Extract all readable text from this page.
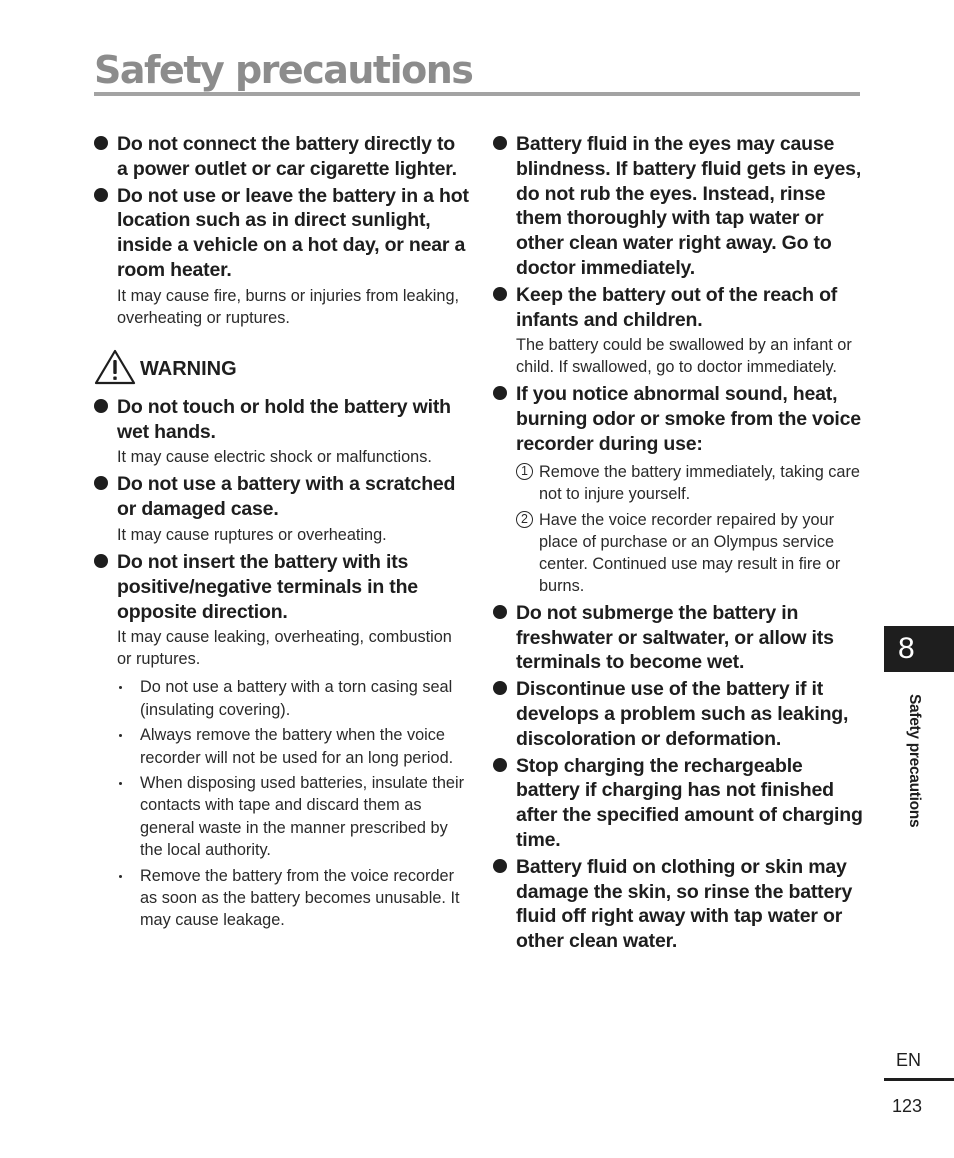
Safety precautions
Do not connect the battery directly to a power outlet or car cigarette lighter.
Do not use or leave the battery in a hot location such as in direct sunlight, inside a vehicle on a hot day, or near a room heater.
It may cause fire, burns or injuries from leaking, overheating or ruptures.
WARNING
Do not touch or hold the battery with wet hands.
It may cause electric shock or malfunctions.
Do not use a battery with a scratched or damaged case.
It may cause ruptures or overheating.
Do not insert the battery with its positive/negative terminals in the opposite direction.
It may cause leaking, overheating, combustion or ruptures.
Do not use a battery with a torn casing seal (insulating covering).
Always remove the battery when the voice recorder will not be used for an long period.
When disposing used batteries, insulate their contacts with tape and discard them as general waste in the manner prescribed by the local authority.
Remove the battery from the voice recorder as soon as the battery becomes unusable. It may cause leakage.
Battery fluid in the eyes may cause blindness. If battery fluid gets in eyes, do not rub the eyes. Instead, rinse them thoroughly with tap water or other clean water right away. Go to doctor immediately.
Keep the battery out of the reach of infants and children.
The battery could be swallowed by an infant or child. If swallowed, go to doctor immediately.
If you notice abnormal sound, heat, burning odor or smoke from the voice recorder during use:
1 Remove the battery immediately, taking care not to injure yourself.
2 Have the voice recorder repaired by your place of purchase or an Olympus service center. Continued use may result in fire or burns.
Do not submerge the battery in freshwater or saltwater, or allow its terminals to become wet.
Discontinue use of the battery if it develops a problem such as leaking, discoloration or deformation.
Stop charging the rechargeable battery if charging has not finished after the specified amount of charging time.
Battery fluid on clothing or skin may damage the skin, so rinse the battery fluid off right away with tap water or other clean water.
8
Safety precautions
EN
123
